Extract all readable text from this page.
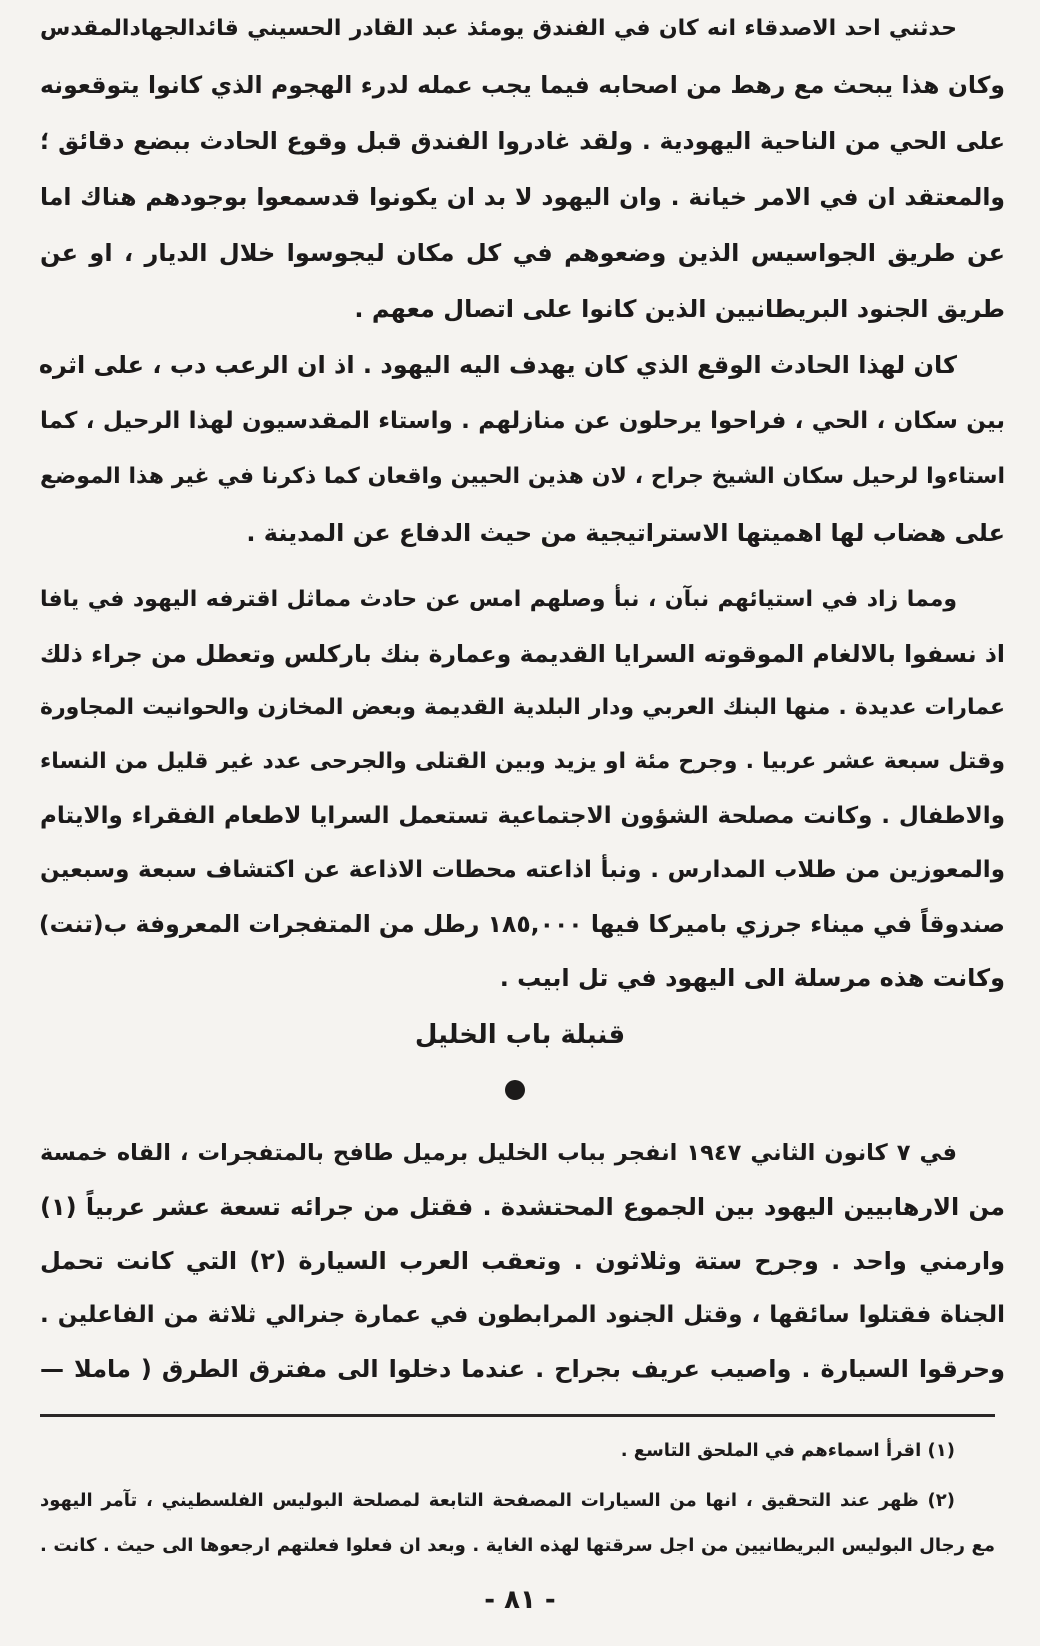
حدثني احد الاصدقاء انه كان في الفندق يومئذ عبد القادر الحسيني قائدالجهادالمقدس
وكان هذا يبحث مع رهط من اصحابه فيما يجب عمله لدرء الهجوم الذي كانوا يتوقعونه
على الحي من الناحية اليهودية . ولقد غادروا الفندق قبل وقوع الحادث ببضع دقائق ؛
والمعتقد ان في الامر خيانة . وان اليهود لا بد ان يكونوا قدسمعوا بوجودهم هناك اما
عن طريق الجواسيس الذين وضعوهم في كل مكان ليجوسوا خلال الديار ، او عن
طريق الجنود البريطانيين الذين كانوا على اتصال معهم .
كان لهذا الحادث الوقع الذي كان يهدف اليه اليهود . اذ ان الرعب دب ، على اثره
بين سكان ، الحي ، فراحوا يرحلون عن منازلهم . واستاء المقدسيون لهذا الرحيل ، كما
استاءوا لرحيل سكان الشيخ جراح ، لان هذين الحيين واقعان كما ذكرنا في غير هذا الموضع
على هضاب لها اهميتها الاستراتيجية من حيث الدفاع عن المدينة .
ومما زاد في استيائهم نبآن ، نبأ وصلهم امس عن حادث مماثل اقترفه اليهود في يافا
اذ نسفوا بالالغام الموقوته السرايا القديمة وعمارة بنك باركلس وتعطل من جراء ذلك
عمارات عديدة . منها البنك العربي ودار البلدية القديمة وبعض المخازن والحوانيت المجاورة
وقتل سبعة عشر عربيا . وجرح مئة او يزيد وبين القتلى والجرحى عدد غير قليل من النساء
والاطفال . وكانت مصلحة الشؤون الاجتماعية تستعمل السرايا لاطعام الفقراء والايتام
والمعوزين من طلاب المدارس . ونبأ اذاعته محطات الاذاعة عن اكتشاف سبعة وسبعين
صندوقاً في ميناء جرزي باميركا فيها ١٨٥,٠٠٠ رطل من المتفجرات المعروفة ب(تنت)
وكانت هذه مرسلة الى اليهود في تل ابيب .
قنبلة باب الخليل
في ٧ كانون الثاني ١٩٤٧ انفجر بباب الخليل برميل طافح بالمتفجرات ، القاه خمسة
من الارهابيين اليهود بين الجموع المحتشدة . فقتل من جرائه تسعة عشر عربياً (١)
وارمني واحد . وجرح ستة وثلاثون . وتعقب العرب السيارة (٢) التي كانت تحمل
الجناة فقتلوا سائقها ، وقتل الجنود المرابطون في عمارة جنرالي ثلاثة من الفاعلين .
وحرقوا السيارة . واصيب عريف بجراح . عندما دخلوا الى مفترق الطرق ( ماملا —
(١) اقرأ اسماءهم في الملحق التاسع .
(٢) ظهر عند التحقيق ، انها من السيارات المصفحة التابعة لمصلحة البوليس الفلسطيني ، تآمر اليهود
مع رجال البوليس البريطانيين من اجل سرقتها لهذه الغاية . وبعد ان فعلوا فعلتهم ارجعوها الى حيث . كانت .
- ٨١ -
